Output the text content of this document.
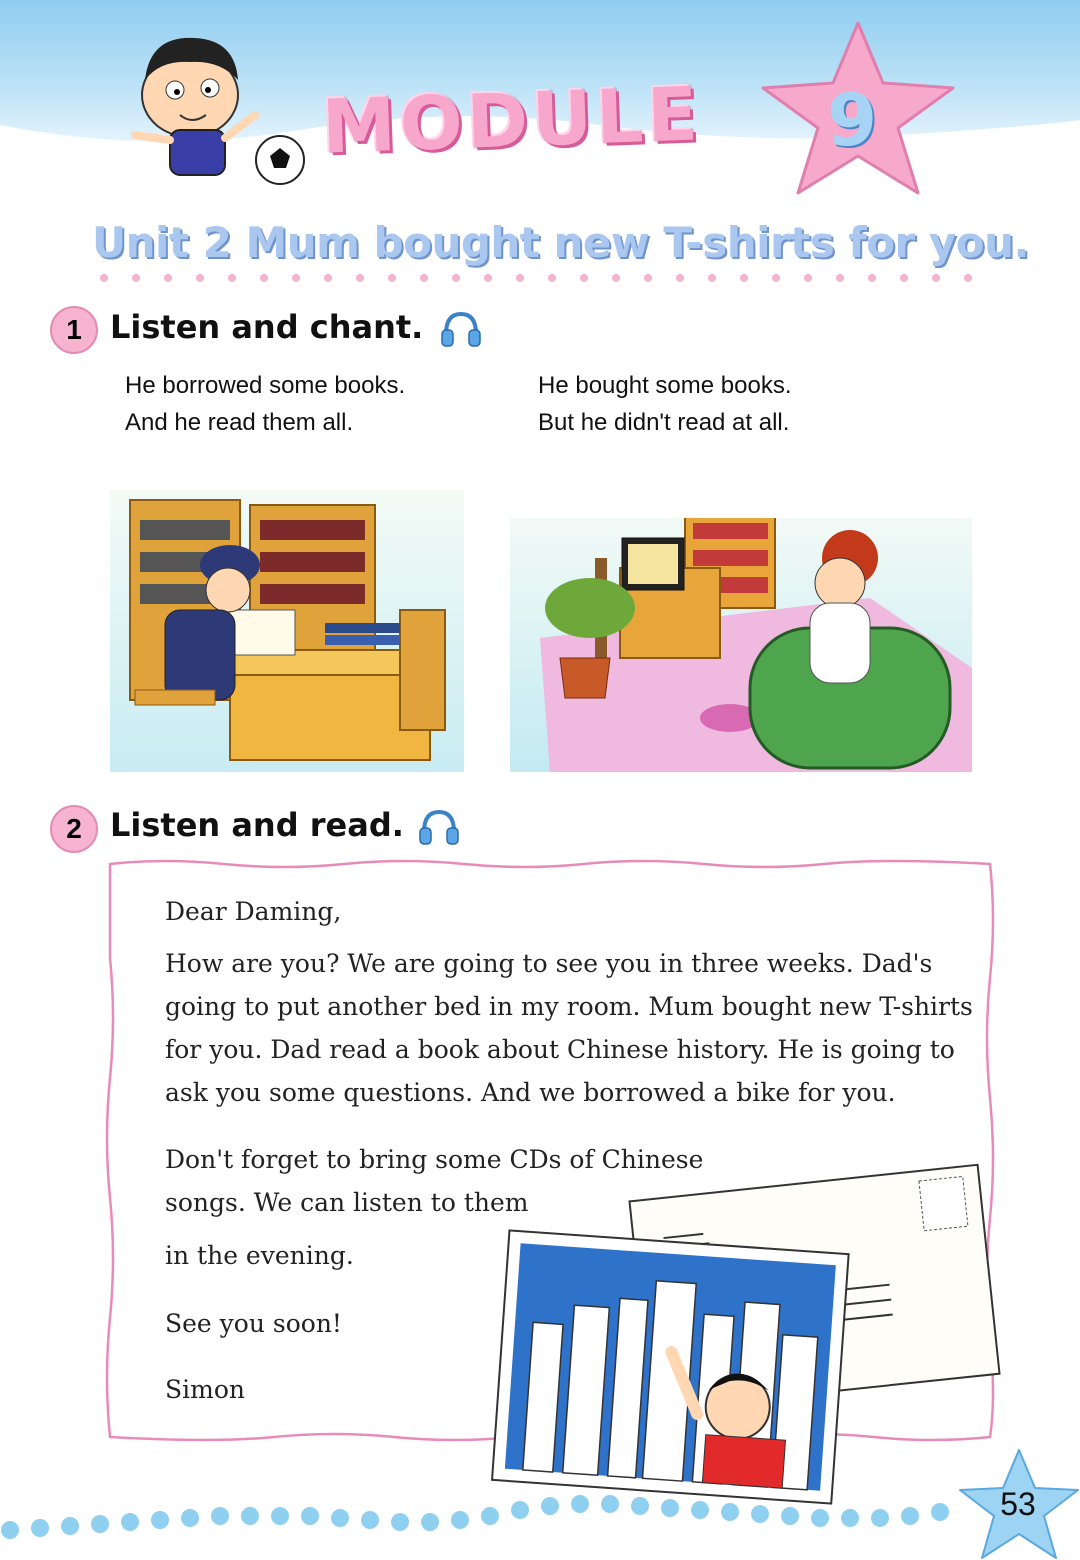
MODULE 9
Unit 2 Mum bought new T-shirts for you.
1 Listen and chant.
He borrowed some books.
And he read them all.
He bought some books.
But he didn't read at all.
2 Listen and read.
Dear Daming,
How are you? We are going to see you in three weeks. Dad's
going to put another bed in my room. Mum bought new T-shirts
for you. Dad read a book about Chinese history. He is going to
ask you some questions. And we borrowed a bike for you.
Don't forget to bring some CDs of Chinese
songs. We can listen to them
in the evening.
See you soon!
Simon
53
